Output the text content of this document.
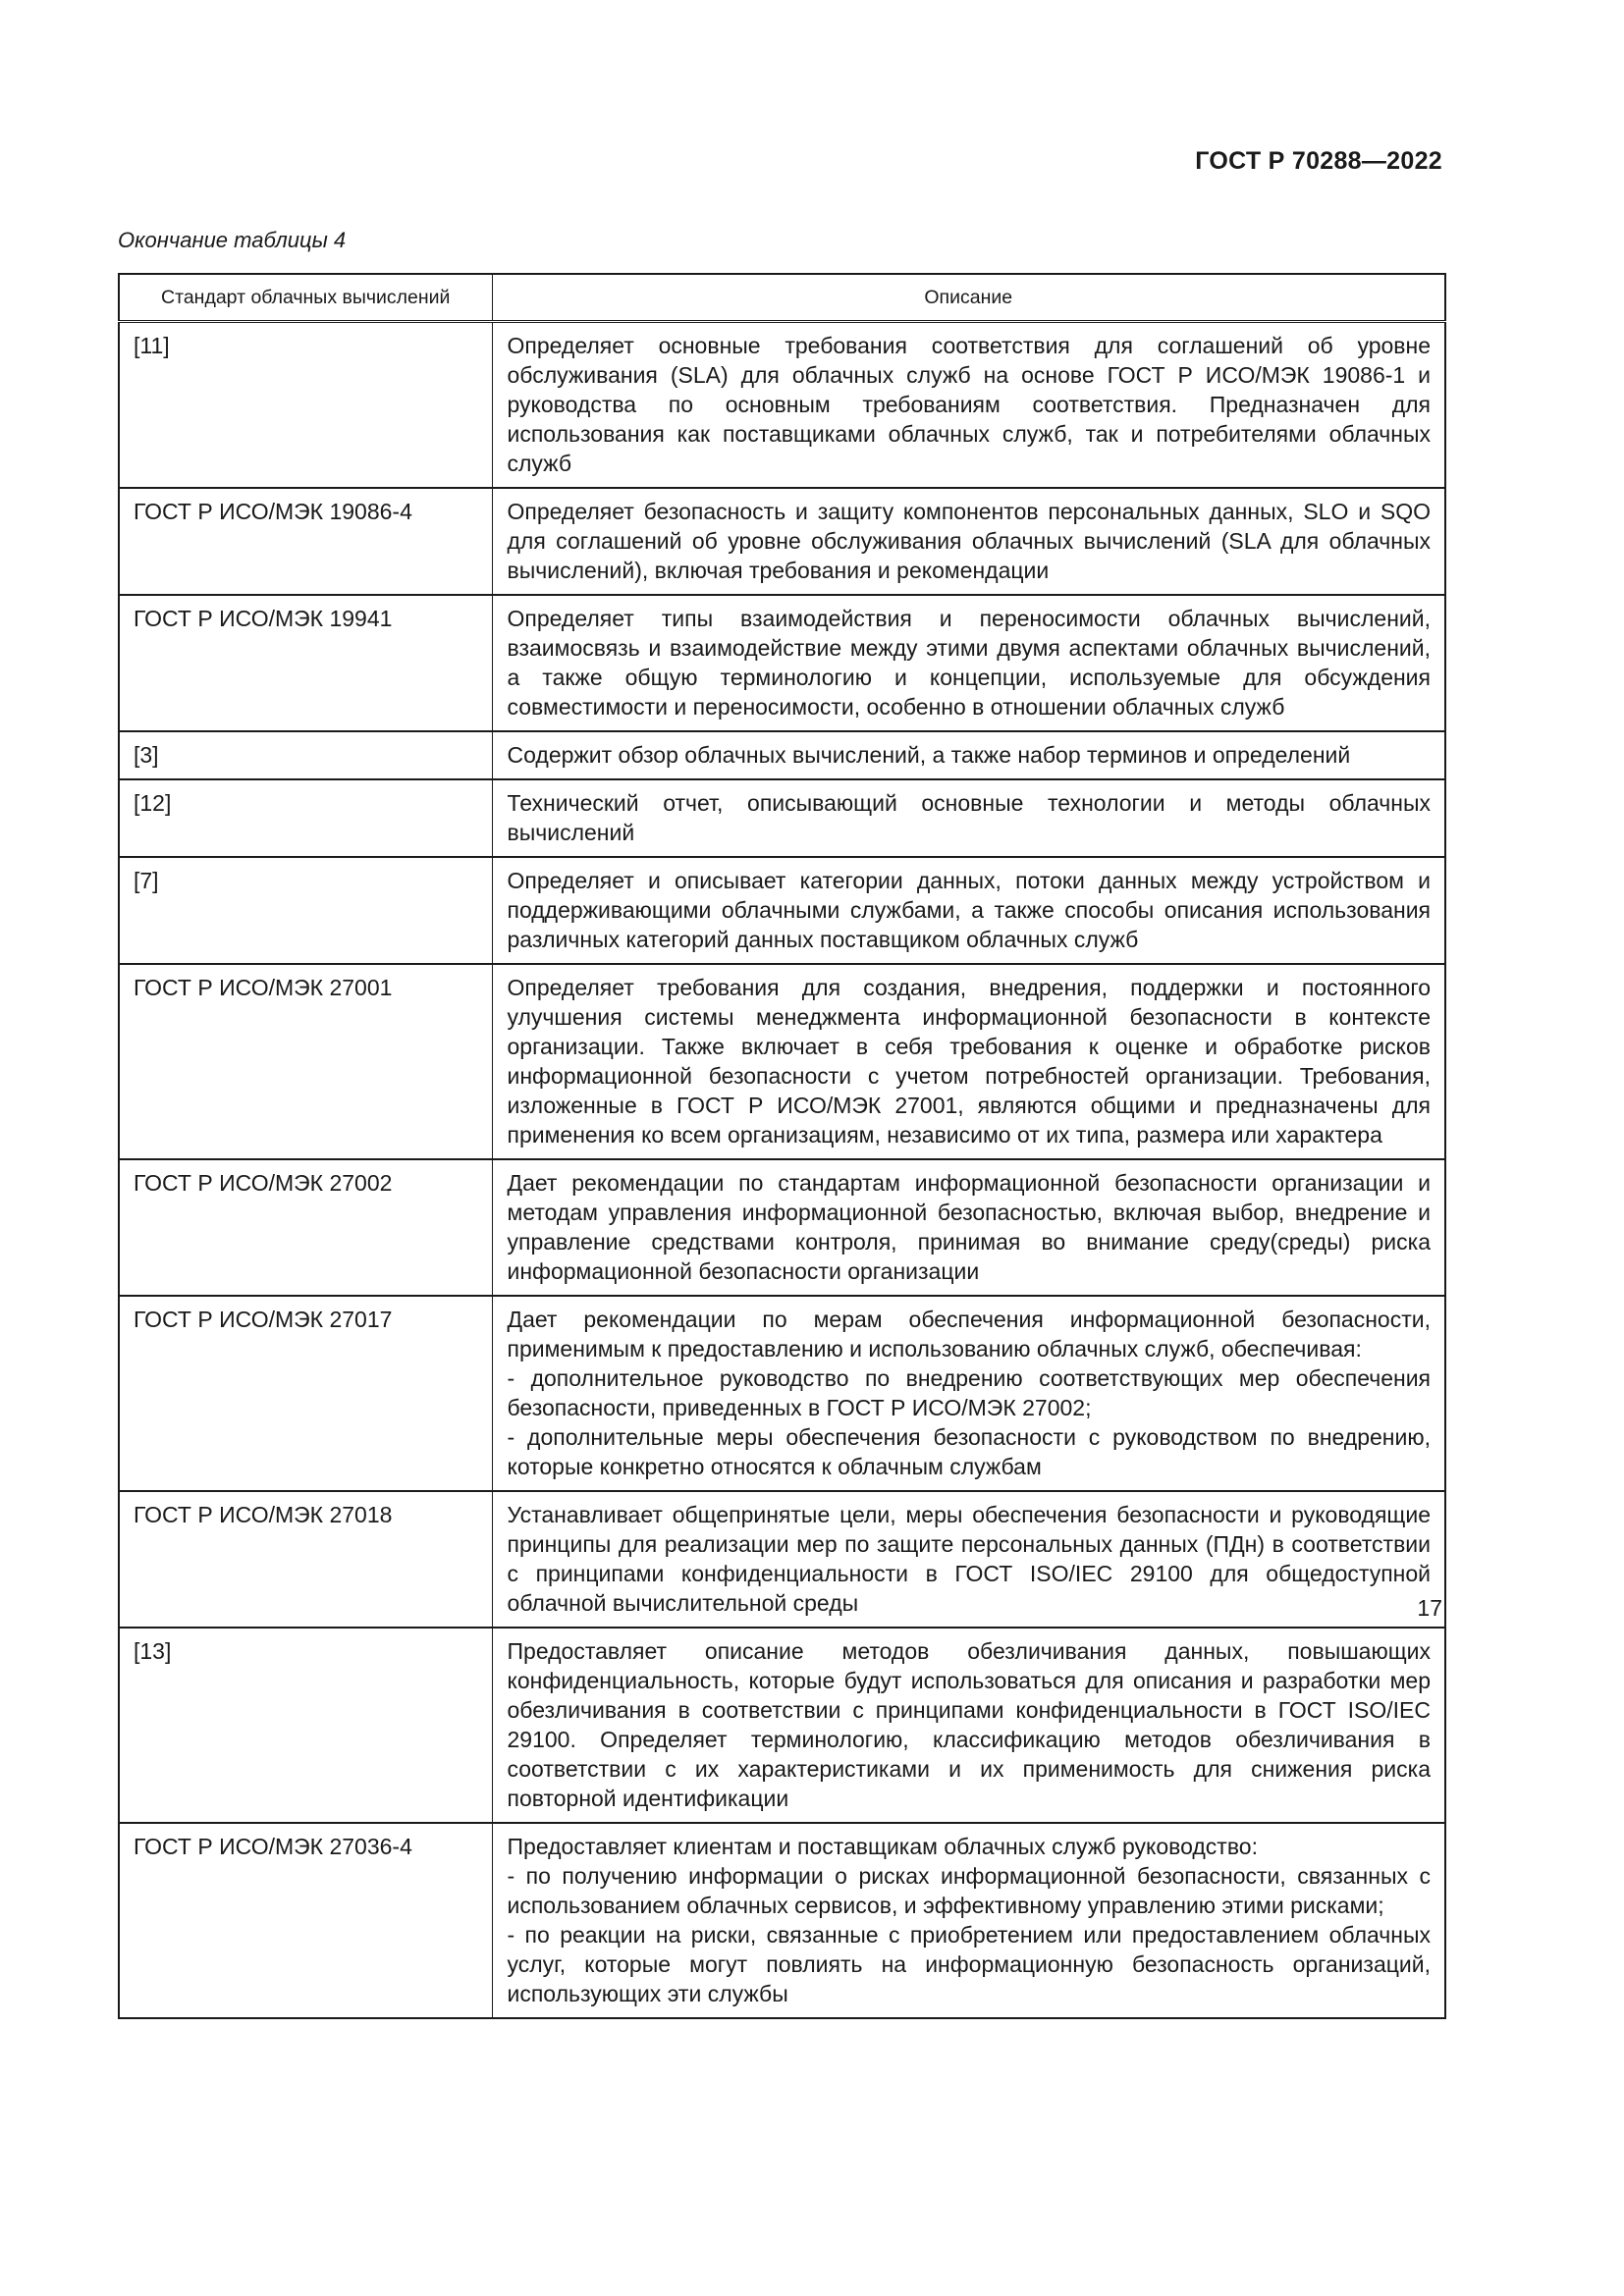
ГОСТ Р 70288—2022
Окончание таблицы 4
Стандарт облачных вычислений	Описание
[11]	Определяет основные требования соответствия для соглашений об уровне обслуживания (SLA) для облачных служб на основе ГОСТ Р ИСО/МЭК 19086-1 и руководства по основным требованиям соответствия. Предназначен для использования как поставщиками облачных служб, так и потребителями облачных служб
ГОСТ Р ИСО/МЭК 19086-4	Определяет безопасность и защиту компонентов персональных данных, SLO и SQO для соглашений об уровне обслуживания облачных вычислений (SLA для облачных вычислений), включая требования и рекомендации
ГОСТ Р ИСО/МЭК 19941	Определяет типы взаимодействия и переносимости облачных вычислений, взаимосвязь и взаимодействие между этими двумя аспектами облачных вычислений, а также общую терминологию и концепции, используемые для обсуждения совместимости и переносимости, особенно в отношении облачных служб
[3]	Содержит обзор облачных вычислений, а также набор терминов и определений
[12]	Технический отчет, описывающий основные технологии и методы облачных вычислений
[7]	Определяет и описывает категории данных, потоки данных между устройством и поддерживающими облачными службами, а также способы описания использования различных категорий данных поставщиком облачных служб
ГОСТ Р ИСО/МЭК 27001	Определяет требования для создания, внедрения, поддержки и постоянного улучшения системы менеджмента информационной безопасности в контексте организации. Также включает в себя требования к оценке и обработке рисков информационной безопасности с учетом потребностей организации. Требования, изложенные в ГОСТ Р ИСО/МЭК 27001, являются общими и предназначены для применения ко всем организациям, независимо от их типа, размера или характера
ГОСТ Р ИСО/МЭК 27002	Дает рекомендации по стандартам информационной безопасности организации и методам управления информационной безопасностью, включая выбор, внедрение и управление средствами контроля, принимая во внимание среду(среды) риска информационной безопасности организации
ГОСТ Р ИСО/МЭК 27017	Дает рекомендации по мерам обеспечения информационной безопасности, применимым к предоставлению и использованию облачных служб, обеспечивая:
- дополнительное руководство по внедрению соответствующих мер обеспечения безопасности, приведенных в ГОСТ Р ИСО/МЭК 27002;
- дополнительные меры обеспечения безопасности с руководством по внедрению, которые конкретно относятся к облачным службам
ГОСТ Р ИСО/МЭК 27018	Устанавливает общепринятые цели, меры обеспечения безопасности и руководящие принципы для реализации мер по защите персональных данных (ПДн) в соответствии с принципами конфиденциальности в ГОСТ ISO/IEC 29100 для общедоступной облачной вычислительной среды
[13]	Предоставляет описание методов обезличивания данных, повышающих конфиденциальность, которые будут использоваться для описания и разработки мер обезличивания в соответствии с принципами конфиденциальности в ГОСТ ISO/IEC 29100. Определяет терминологию, классификацию методов обезличивания в соответствии с их характеристиками и их применимость для снижения риска повторной идентификации
ГОСТ Р ИСО/МЭК 27036-4	Предоставляет клиентам и поставщикам облачных служб руководство:
- по получению информации о рисках информационной безопасности, связанных с использованием облачных сервисов, и эффективному управлению этими рисками;
- по реакции на риски, связанные с приобретением или предоставлением облачных услуг, которые могут повлиять на информационную безопасность организаций, использующих эти службы
17
